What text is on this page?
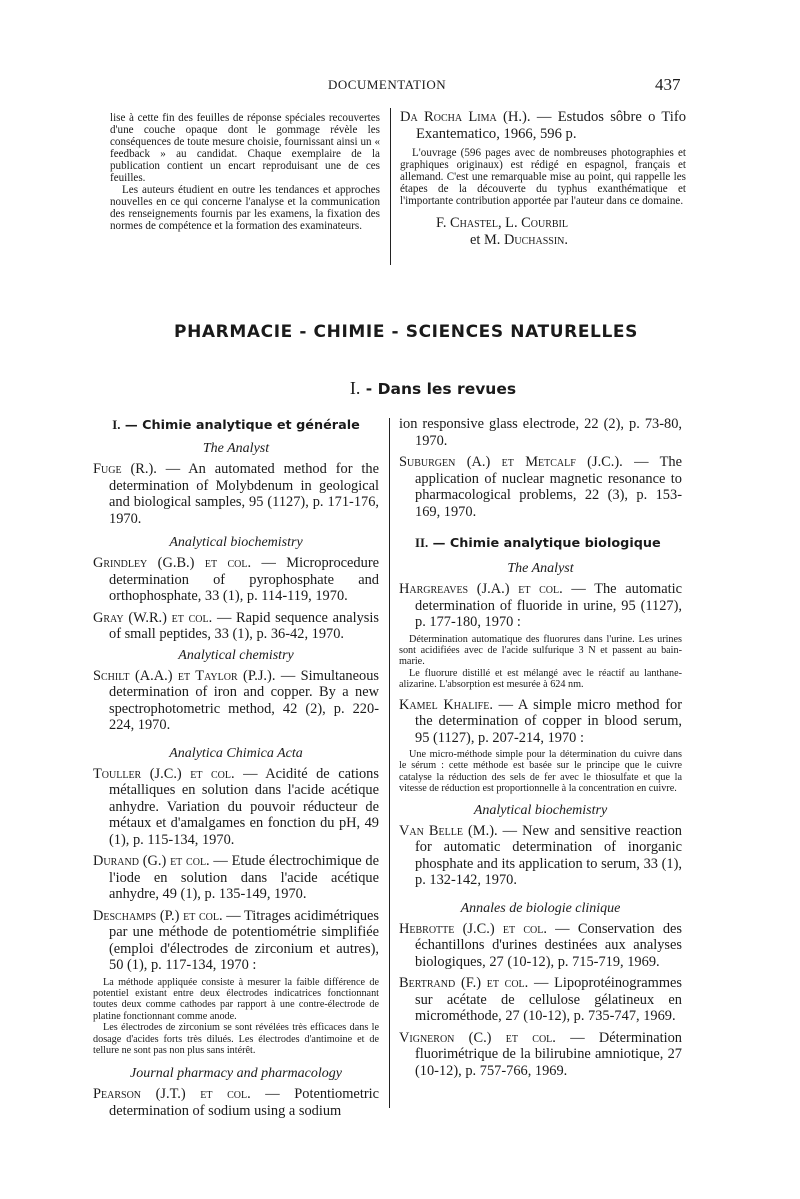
DOCUMENTATION	437

lise à cette fin des feuilles de réponse spéciales recouvertes d'une couche opaque dont le gommage révèle les conséquences de toute mesure choisie, fournissant ainsi un « feedback » au candidat. Chaque exemplaire de la publication contient un encart reproduisant une de ces feuilles.

Les auteurs étudient en outre les tendances et approches nouvelles en ce qui concerne l'analyse et la communication des renseignements fournis par les examens, la fixation des normes de compétence et la formation des examinateurs.

Da Rocha Lima (H.). — Estudos sôbre o Tifo Exantematico, 1966, 596 p.

L'ouvrage (596 pages avec de nombreuses photographies et graphiques originaux) est rédigé en espagnol, français et allemand. C'est une remarquable mise au point, qui rappelle les étapes de la découverte du typhus exanthématique et l'importante contribution apportée par l'auteur dans ce domaine.

F. Chastel, L. Courbil
et M. Duchassin.
PHARMACIE - CHIMIE - SCIENCES NATURELLES
I. - Dans les revues
I. — Chimie analytique et générale
The Analyst
Fuge (R.). — An automated method for the determination of Molybdenum in geological and biological samples, 95 (1127), p. 171-176, 1970.
Analytical biochemistry
Grindley (G.B.) et col. — Microprocedure determination of pyrophosphate and orthophosphate, 33 (1), p. 114-119, 1970.
Gray (W.R.) et col. — Rapid sequence analysis of small peptides, 33 (1), p. 36-42, 1970.
Analytical chemistry
Schilt (A.A.) et Taylor (P.J.). — Simultaneous determination of iron and copper. By a new spectrophotometric method, 42 (2), p. 220-224, 1970.
Analytica Chimica Acta
Touller (J.C.) et col. — Acidité de cations métalliques en solution dans l'acide acétique anhydre. Variation du pouvoir réducteur de métaux et d'amalgames en fonction du pH, 49 (1), p. 115-134, 1970.
Durand (G.) et col. — Etude électrochimique de l'iode en solution dans l'acide acétique anhydre, 49 (1), p. 135-149, 1970.
Deschamps (P.) et col. — Titrages acidimétriques par une méthode de potentiométrie simplifiée (emploi d'électrodes de zirconium et autres), 50 (1), p. 117-134, 1970 :

La méthode appliquée consiste à mesurer la faible différence de potentiel existant entre deux électrodes indicatrices fonctionnant toutes deux comme cathodes par rapport à une contre-électrode de platine fonctionnant comme anode.

Les électrodes de zirconium se sont révélées très efficaces dans le dosage d'acides forts très dilués. Les électrodes d'antimoine et de tellure ne sont pas non plus sans intérêt.

Journal pharmacy and pharmacology
Pearson (J.T.) et col. — Potentiometric determination of sodium using a sodium
ion responsive glass electrode, 22 (2), p. 73-80, 1970.
Suburgen (A.) et Metcalf (J.C.). — The application of nuclear magnetic resonance to pharmacological problems, 22 (3), p. 153-169, 1970.
II. — Chimie analytique biologique
The Analyst
Hargreaves (J.A.) et col. — The automatic determination of fluoride in urine, 95 (1127), p. 177-180, 1970 :

Détermination automatique des fluorures dans l'urine. Les urines sont acidifiées avec de l'acide sulfurique 3 N et passent au bain-marie.

Le fluorure distillé et est mélangé avec le réactif au lanthane-alizarine. L'absorption est mesurée à 624 nm.

Kamel Khalife. — A simple micro method for the determination of copper in blood serum, 95 (1127), p. 207-214, 1970 :

Une micro-méthode simple pour la détermination du cuivre dans le sérum : cette méthode est basée sur le principe que le cuivre catalyse la réduction des sels de fer avec le thiosulfate et que la vitesse de réduction est proportionnelle à la concentration en cuivre.

Analytical biochemistry
Van Belle (M.). — New and sensitive reaction for automatic determination of inorganic phosphate and its application to serum, 33 (1), p. 132-142, 1970.
Annales de biologie clinique
Hebrotte (J.C.) et col. — Conservation des échantillons d'urines destinées aux analyses biologiques, 27 (10-12), p. 715-719, 1969.
Bertrand (F.) et col. — Lipoprotéinogrammes sur acétate de cellulose gélatineux en microméthode, 27 (10-12), p. 735-747, 1969.
Vigneron (C.) et col. — Détermination fluorimétrique de la bilirubine amniotique, 27 (10-12), p. 757-766, 1969.
